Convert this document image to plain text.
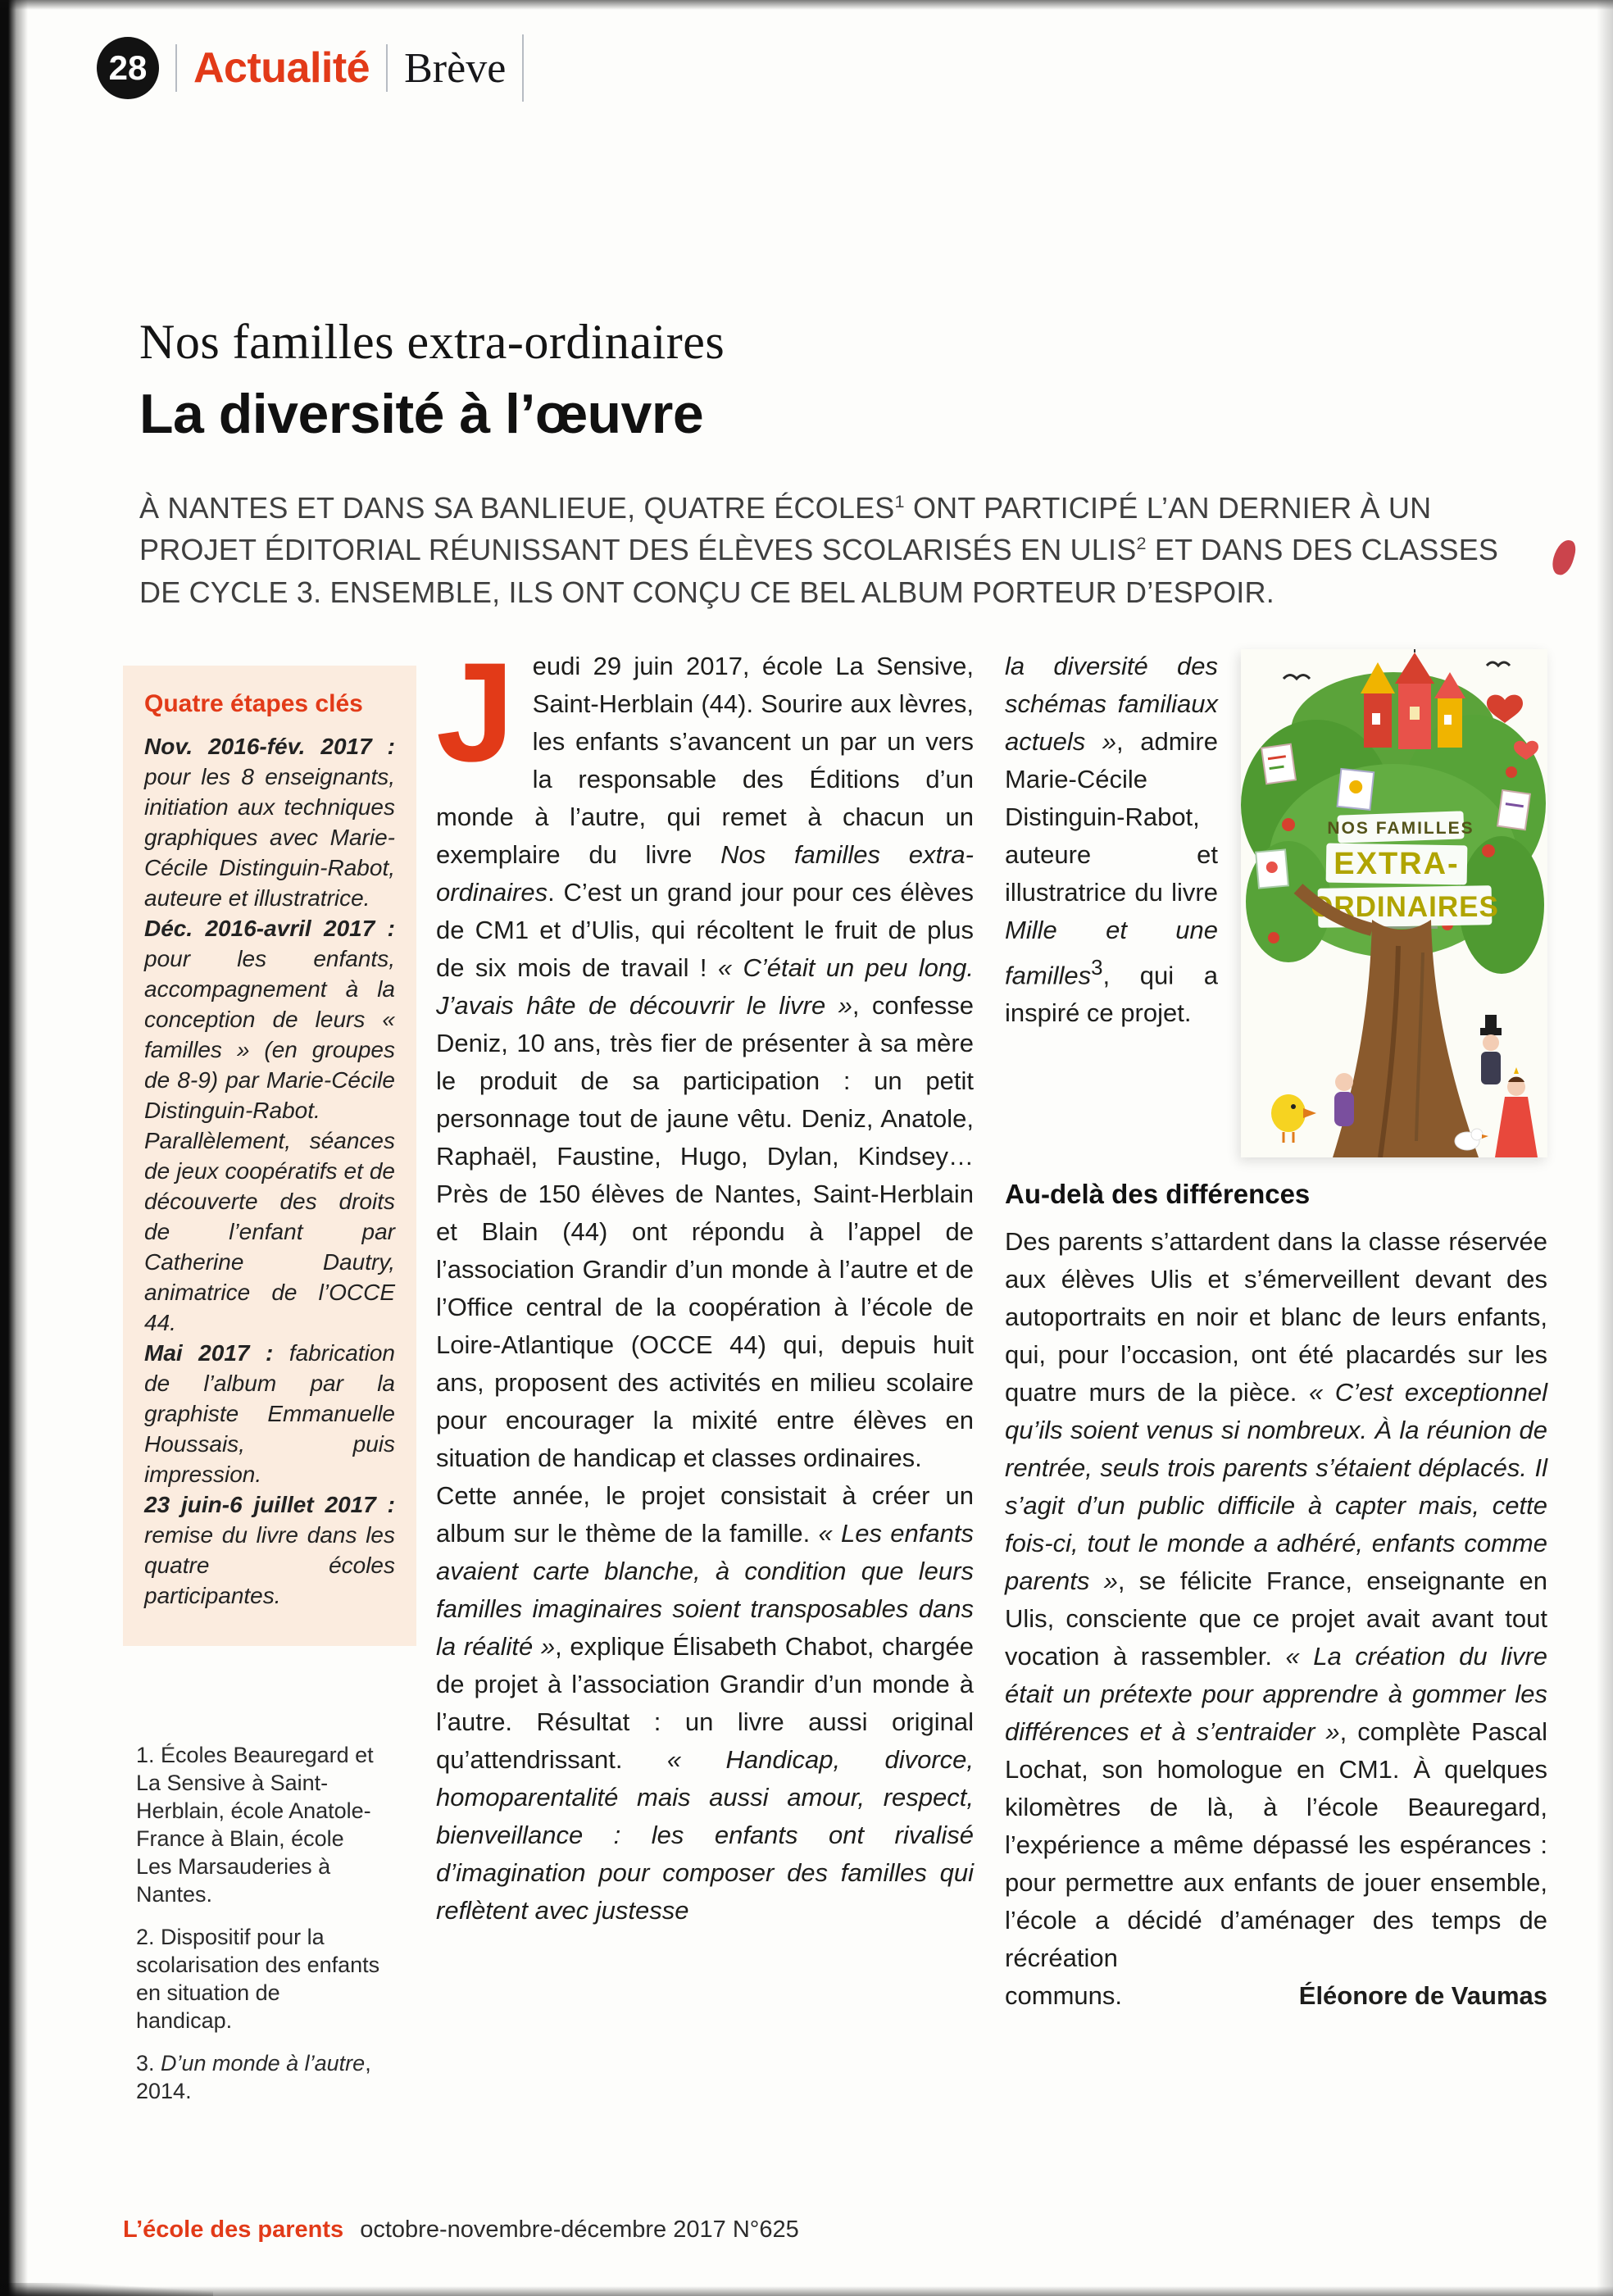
28 Actualité Brève
Nos familles extra-ordinaires
La diversité à l’œuvre

À NANTES ET DANS SA BANLIEUE, QUATRE ÉCOLES$^1$ ONT PARTICIPÉ L’AN DERNIER À UN PROJET ÉDITORIAL RÉUNISSANT DES ÉLÈVES SCOLARISÉS EN ULIS$^2$ ET DANS DES CLASSES DE CYCLE 3. ENSEMBLE, ILS ONT CONÇU CE BEL ALBUM PORTEUR D’ESPOIR.

Quatre étapes clés

Nov. 2016-fév. 2017 : pour les 8 enseignants, initiation aux techniques graphiques avec Marie-Cécile Distinguin-Rabot, auteure et illustratrice.

Déc. 2016-avril 2017 : pour les enfants, accompagnement à la conception de leurs « familles » (en groupes de 8-9) par Marie-Cécile Distinguin-Rabot. Parallèlement, séances de jeux coopératifs et de découverte des droits de l’enfant par Catherine Dautry, animatrice de l’OCCE 44.

Mai 2017 : fabrication de l’album par la graphiste Emmanuelle Houssais, puis impression.

23 juin-6 juillet 2017 : remise du livre dans les quatre écoles participantes.

1. Écoles Beauregard et La Sensive à Saint-Herblain, école Anatole-France à Blain, école Les Marsauderies à Nantes.

2. Dispositif pour la scolarisation des enfants en situation de handicap.

3. D’un monde à l’autre, 2014.

Jeudi 29 juin 2017, école La Sensive, Saint-Herblain (44). Sourire aux lèvres, les enfants s’avancent un par un vers la responsable des Éditions d’un monde à l’autre, qui remet à chacun un exemplaire du livre Nos familles extra-ordinaires. C’est un grand jour pour ces élèves de CM1 et d’Ulis, qui récoltent le fruit de plus de six mois de travail ! « C’était un peu long. J’avais hâte de découvrir le livre », confesse Deniz, 10 ans, très fier de présenter à sa mère le produit de sa participation : un petit personnage tout de jaune vêtu. Deniz, Anatole, Raphaël, Faustine, Hugo, Dylan, Kindsey… Près de 150 élèves de Nantes, Saint-Herblain et Blain (44) ont répondu à l’appel de l’association Grandir d’un monde à l’autre et de l’Office central de la coopération à l’école de Loire-Atlantique (OCCE 44) qui, depuis huit ans, proposent des activités en milieu scolaire pour encourager la mixité entre élèves en situation de handicap et classes ordinaires.

Cette année, le projet consistait à créer un album sur le thème de la famille. « Les enfants avaient carte blanche, à condition que leurs familles imaginaires soient transposables dans la réalité », explique Élisabeth Chabot, chargée de projet à l’association Grandir d’un monde à l’autre. Résultat : un livre aussi original qu’attendrissant. « Handicap, divorce, homoparentalité mais aussi amour, respect, bienveillance : les enfants ont rivalisé d’imagination pour composer des familles qui reflètent avec justesse

NOS FAMILLES
EXTRA-
ORDINAIRES

la diversité des schémas familiaux actuels », admire Marie-Cécile Distinguin-Rabot, auteure et illustratrice du livre Mille et une familles$^3$, qui a inspiré ce projet.

Au-delà des différences

Des parents s’attardent dans la classe réservée aux élèves Ulis et s’émerveillent devant des autoportraits en noir et blanc de leurs enfants, qui, pour l’occasion, ont été placardés sur les quatre murs de la pièce. « C’est exceptionnel qu’ils soient venus si nombreux. À la réunion de rentrée, seuls trois parents s’étaient déplacés. Il s’agit d’un public difficile à capter mais, cette fois-ci, tout le monde a adhéré, enfants comme parents », se félicite France, enseignante en Ulis, consciente que ce projet avait avant tout vocation à rassembler. « La création du livre était un prétexte pour apprendre à gommer les différences et à s’entraider », complète Pascal Lochat, son homologue en CM1. À quelques kilomètres de là, à l’école Beauregard, l’expérience a même dépassé les espérances : pour permettre aux enfants de jouer ensemble, l’école a décidé d’aménager des temps de récréation

communs.	Éléonore de Vaumas
L’école des parents octobre-novembre-décembre 2017 N°625
